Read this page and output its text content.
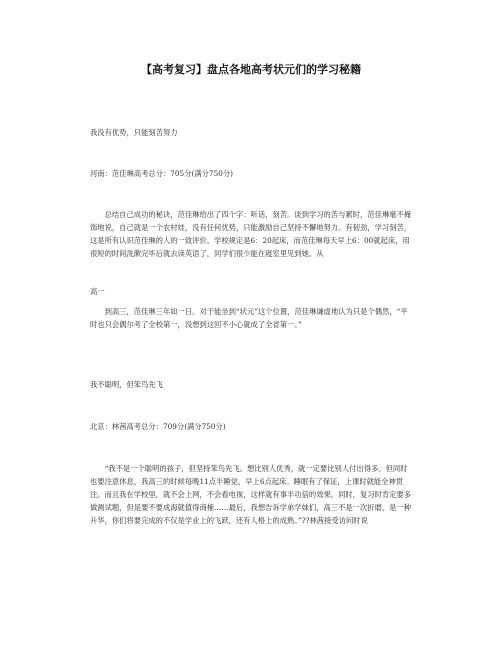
【高考复习】盘点各地高考状元们的学习秘籍

我没有优势，只能刻苦努力

河南：范佳琳高考总分：705分(满分750分)

总结自己成功的秘诀，范佳琳给出了四个字：听话，刻苦。谈到学习的苦与累时，范佳琳毫不掩饰地说，自己就是一个农村娃，没有任何优势，只能激励自己坚持不懈地努力。有韧劲，学习刻苦，这是所有认识范佳琳的人的一致评价。学校规定是6：20起床，而范佳琳每天早上6：00就起床，用很短的时间洗漱完毕后就去读英语了，同学们很少能在寝室里见到她。从

高一

到高三，范佳琳三年如一日。对于能坐到“状元”这个位置，范佳琳谦虚地认为只是个偶然，“平时也只会偶尔考了全校第一，没想到这回不小心就成了全省第一。”

我不聪明，但笨鸟先飞

北京：林茜高考总分：709分(满分750分)

“我不是一个聪明的孩子，但坚持笨鸟先飞。想比别人优秀，就一定要比别人付出得多。但同时也要注意休息，我高三的时候每晚11点半睡觉，早上6点起床。睡眠有了保证，上课时就能全神贯注。而且我在学校里，就不会上网，不会看电视，这样就有事半功倍的效果。同时，复习时肯定要多做测试题，但是要不要成海就值得商榷……最后，我想告诉学弟学妹们，高三不是一次折磨，是一种升华，你们将要完成的不仅是学业上的飞跃，还有人格上的成熟。”??林茜接受访问时说
